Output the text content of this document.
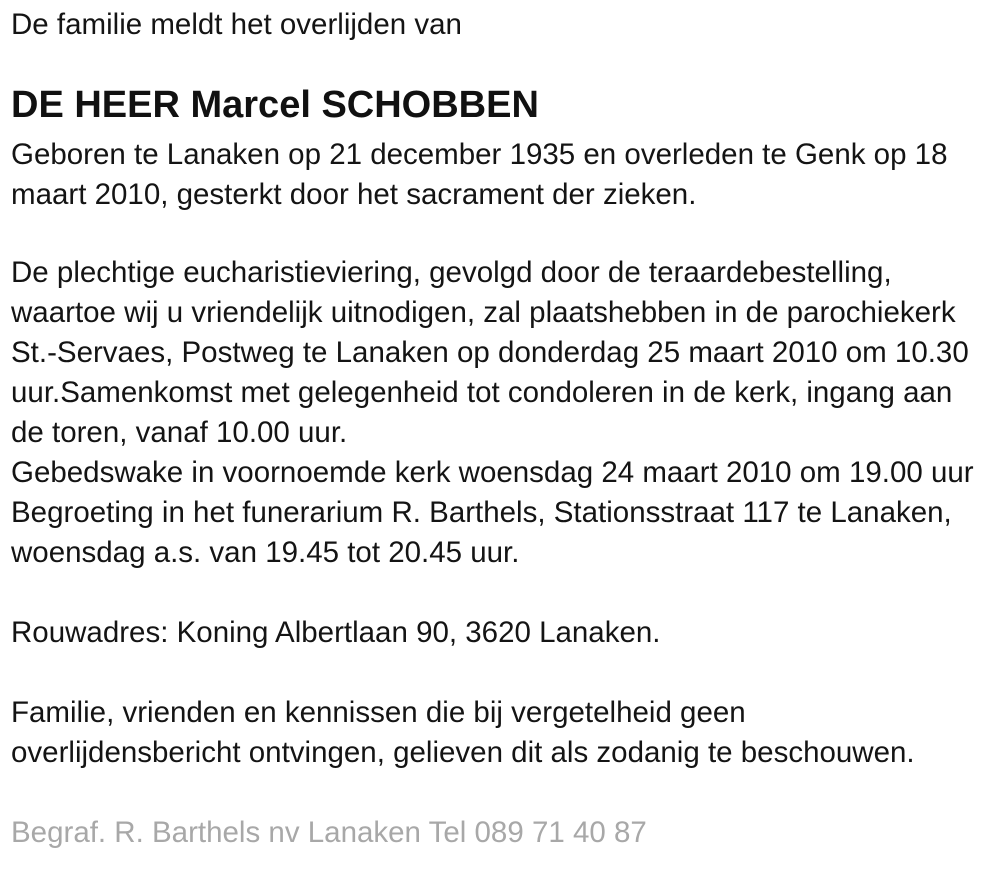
De familie meldt het overlijden van
DE HEER Marcel SCHOBBEN
Geboren te Lanaken op 21 december 1935 en overleden te Genk op 18
maart 2010, gesterkt door het sacrament der zieken.
De plechtige eucharistieviering, gevolgd door de teraardebestelling,
waartoe wij u vriendelijk uitnodigen, zal plaatshebben in de parochiekerk
St.-Servaes, Postweg te Lanaken op donderdag 25 maart 2010 om 10.30
uur.Samenkomst met gelegenheid tot condoleren in de kerk, ingang aan
de toren, vanaf 10.00 uur.
Gebedswake in voornoemde kerk woensdag 24 maart 2010 om 19.00 uur
Begroeting in het funerarium R. Barthels, Stationsstraat 117 te Lanaken,
woensdag a.s. van 19.45 tot 20.45 uur.
Rouwadres: Koning Albertlaan 90, 3620 Lanaken.
Familie, vrienden en kennissen die bij vergetelheid geen
overlijdensbericht ontvingen, gelieven dit als zodanig te beschouwen.
Begraf. R. Barthels nv Lanaken Tel 089 71 40 87
